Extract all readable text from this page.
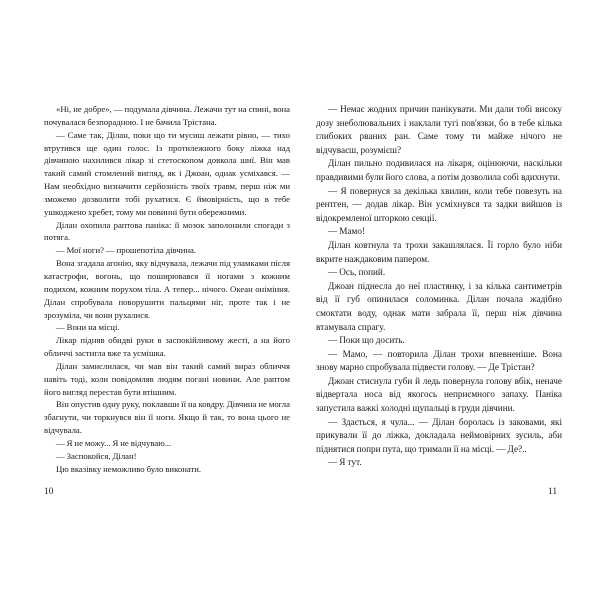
«Ні, не добре», — подумала дівчина. Лежачи тут на спині, вона почувалася безпорадною. І не бачила Трістана.

— Саме так, Ділан, поки що ти мусиш лежати рівно, — тихо втрутився ще один голос. Із протилежного боку ліжка над дівчиною нахилився лікар зі стетоскопом довкола шиї. Він мав такий самий стомлений вигляд, як і Джоан, однак усміхався. — Нам необхідно визначити серйозність твоїх травм, перш ніж ми зможемо дозволити тобі рухатися. Є ймовірність, що в тебе ушкоджено хребет, тому ми повинні бути обережними.

Ділан охопила раптова паніка: її мозок заполонили спогади з потяга.

— Мої ноги? — прошепотіла дівчина.

Вона згадала агонію, яку відчувала, лежачи під уламками після катастрофи, вогонь, що поширювався її ногами з кожним подихом, кожним порухом тіла. А тепер... нічого. Океан оніміння. Ділан спробувала поворушити пальцями ніг, проте так і не зрозуміла, чи вони рухалися.

— Вони на місці.

Лікар підняв обидві руки в заспокійливому жесті, а на його обличчі застигла вже та усмішка.

Ділан замислилася, чи мав він такий самий вираз обличчя навіть тоді, коли повідомляв людям погані новини. Але раптом його вигляд перестав бути втішним.

Він опустив одну руку, поклавши її на ковдру. Дівчина не могла збагнути, чи торкнувся він її ноги. Якщо й так, то вона цього не відчувала.

— Я не можу... Я не відчуваю...

— Заспокойся, Ділан!

Цю вказівку неможливо було виконати.

— Немає жодних причин панікувати. Ми дали тобі високу дозу знеболювальних і наклали тугі пов'язки, бо в тебе кілька глибоких рваних ран. Саме тому ти майже нічого не відчуваєш, розумієш?

Ділан пильно подивилася на лікаря, оцінюючи, наскільки правдивими були його слова, а потім дозволила собі вдихнути.

— Я повернуся за декілька хвилин, коли тебе повезуть на рентген, — додав лікар. Він усміхнувся та задки вийшов із відокремленої шторкою секції.

— Мамо!

Ділан ковтнула та трохи закашлялася. Її горло було ніби вкрите наждаковим папером.

— Ось, попий.

Джоан піднесла до неї пластянку, і за кілька сантиметрів від її губ опинилася соломинка. Ділан почала жадібно смоктати воду, однак мати забрала її, перш ніж дівчина втамувала спрагу.

— Поки що досить.

— Мамо, — повторила Ділан трохи впевненіше. Вона знову марно спробувала підвести голову. — Де Трістан?

Джоан стиснула губи й ледь повернула голову вбік, неначе відвертала носа від якогось неприємного запаху. Паніка запустила важкі холодні щупальці в груди дівчини.

— Здається, я чула... — Ділан боролась із заковами, які прикували її до ліжка, докладала неймовірних зусиль, аби піднятися попри пута, що тримали її на місці. — Де?..

— Я тут.

10	11
